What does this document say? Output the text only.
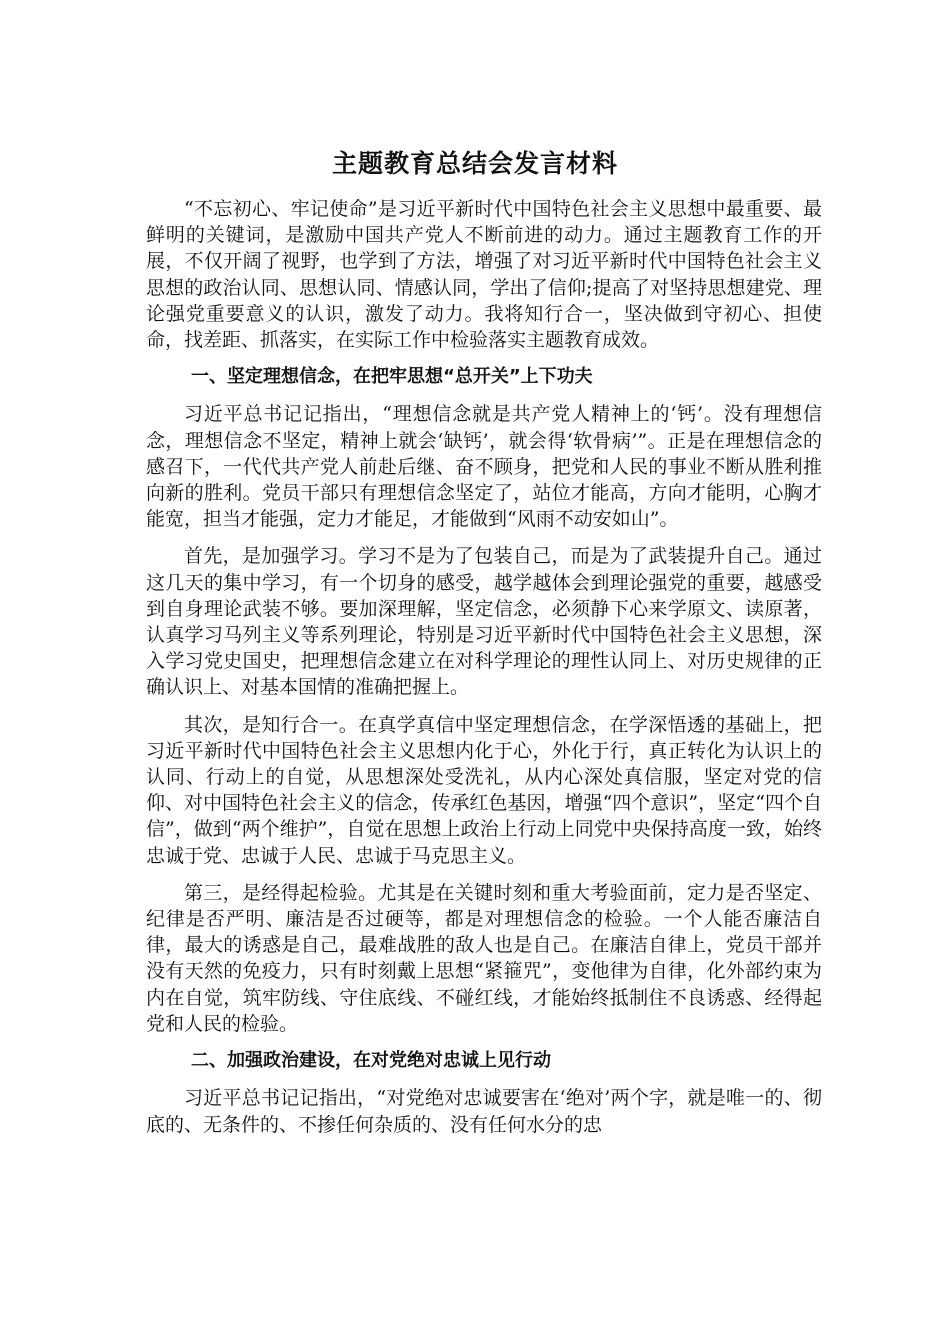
主题教育总结会发言材料

“不忘初心、牢记使命”是习近平新时代中国特色社会主义思想中最重要、最鲜明的关键词，是激励中国共产党人不断前进的动力。通过主题教育工作的开展，不仅开阔了视野，也学到了方法，增强了对习近平新时代中国特色社会主义思想的政治认同、思想认同、情感认同，学出了信仰;提高了对坚持思想建党、理论强党重要意义的认识，激发了动力。我将知行合一，坚决做到守初心、担使命，找差距、抓落实，在实际工作中检验落实主题教育成效。

一、坚定理想信念，在把牢思想“总开关”上下功夫

习近平总书记记指出，“理想信念就是共产党人精神上的‘钙’。没有理想信念，理想信念不坚定，精神上就会‘缺钙’，就会得‘软骨病’”。正是在理想信念的感召下，一代代共产党人前赴后继、奋不顾身，把党和人民的事业不断从胜利推向新的胜利。党员干部只有理想信念坚定了，站位才能高，方向才能明，心胸才能宽，担当才能强，定力才能足，才能做到“风雨不动安如山”。

首先，是加强学习。学习不是为了包装自己，而是为了武装提升自己。通过这几天的集中学习，有一个切身的感受，越学越体会到理论强党的重要，越感受到自身理论武装不够。要加深理解，坚定信念，必须静下心来学原文、读原著，认真学习马列主义等系列理论，特别是习近平新时代中国特色社会主义思想，深入学习党史国史，把理想信念建立在对科学理论的理性认同上、对历史规律的正确认识上、对基本国情的准确把握上。

其次，是知行合一。在真学真信中坚定理想信念，在学深悟透的基础上，把习近平新时代中国特色社会主义思想内化于心，外化于行，真正转化为认识上的认同、行动上的自觉，从思想深处受洗礼，从内心深处真信服，坚定对党的信仰、对中国特色社会主义的信念，传承红色基因，增强“四个意识”，坚定“四个自信”，做到“两个维护”，自觉在思想上政治上行动上同党中央保持高度一致，始终忠诚于党、忠诚于人民、忠诚于马克思主义。

第三，是经得起检验。尤其是在关键时刻和重大考验面前，定力是否坚定、纪律是否严明、廉洁是否过硬等，都是对理想信念的检验。一个人能否廉洁自律，最大的诱惑是自己，最难战胜的敌人也是自己。在廉洁自律上，党员干部并没有天然的免疫力，只有时刻戴上思想“紧箍咒”，变他律为自律，化外部约束为内在自觉，筑牢防线、守住底线、不碰红线，才能始终抵制住不良诱惑、经得起党和人民的检验。

二、加强政治建设，在对党绝对忠诚上见行动

习近平总书记记指出，“对党绝对忠诚要害在‘绝对’两个字，就是唯一的、彻底的、无条件的、不掺任何杂质的、没有任何水分的忠
